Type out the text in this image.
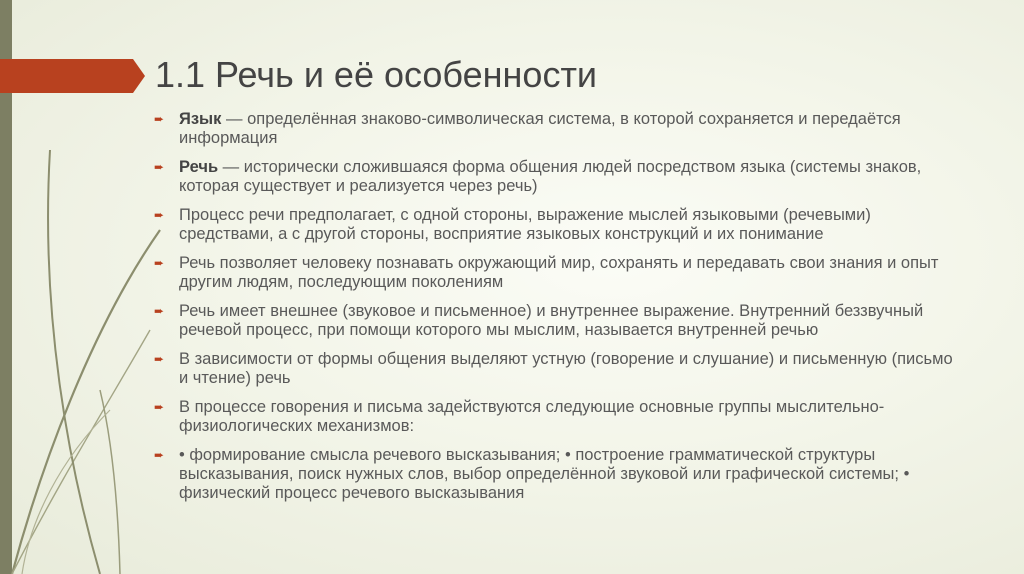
1.1 Речь и её особенности
➨ Язык — определённая знаково-символическая система, в которой сохраняется и передаётся информация
➨ Речь — исторически сложившаяся форма общения людей посредством языка (системы знаков, которая существует и реализуется через речь)
➨ Процесс речи предполагает, с одной стороны, выражение мыслей языковыми (речевыми) средствами, а с другой стороны, восприятие языковых конструкций и их понимание
➨ Речь позволяет человеку познавать окружающий мир, сохранять и передавать свои знания и опыт другим людям, последующим поколениям
➨ Речь имеет внешнее (звуковое и письменное) и внутреннее выражение. Внутренний беззвучный речевой процесс, при помощи которого мы мыслим, называется внутренней речью
➨ В зависимости от формы общения выделяют устную (говорение и слушание) и письменную (письмо и чтение) речь
➨ В процессе говорения и письма задействуются следующие основные группы мыслительно-физиологических механизмов:
➨ • формирование смысла речевого высказывания; • построение грамматической структуры высказывания, поиск нужных слов, выбор определённой звуковой или графической системы; • физический процесс речевого высказывания
